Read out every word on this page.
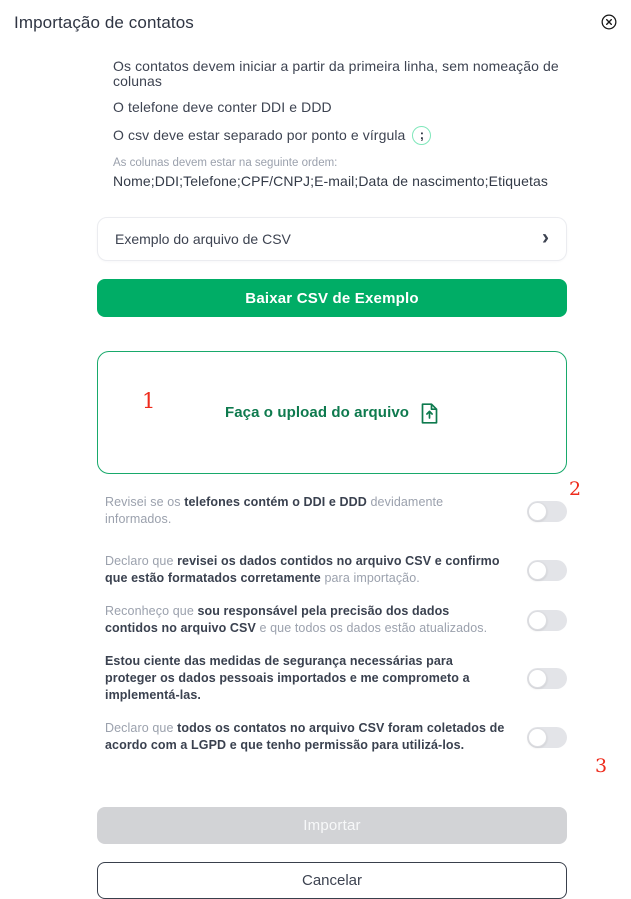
Importação de contatos
Os contatos devem iniciar a partir da primeira linha, sem nomeação de colunas
O telefone deve conter DDI e DDD
O csv deve estar separado por ponto e vírgula	;
As colunas devem estar na seguinte ordem:
Nome;DDI;Telefone;CPF/CNPJ;E-mail;Data de nascimento;Etiquetas
Exemplo do arquivo de CSV	›
Baixar CSV de Exemplo
Faça o upload do arquivo
Revisei se os telefones contém o DDI e DDD devidamente informados.
Declaro que revisei os dados contidos no arquivo CSV e confirmo que estão formatados corretamente para importação.
Reconheço que sou responsável pela precisão dos dados contidos no arquivo CSV e que todos os dados estão atualizados.
Estou ciente das medidas de segurança necessárias para proteger os dados pessoais importados e me comprometo a implementá-las.
Declaro que todos os contatos no arquivo CSV foram coletados de acordo com a LGPD e que tenho permissão para utilizá-los.
Importar
Cancelar
1
2
3
